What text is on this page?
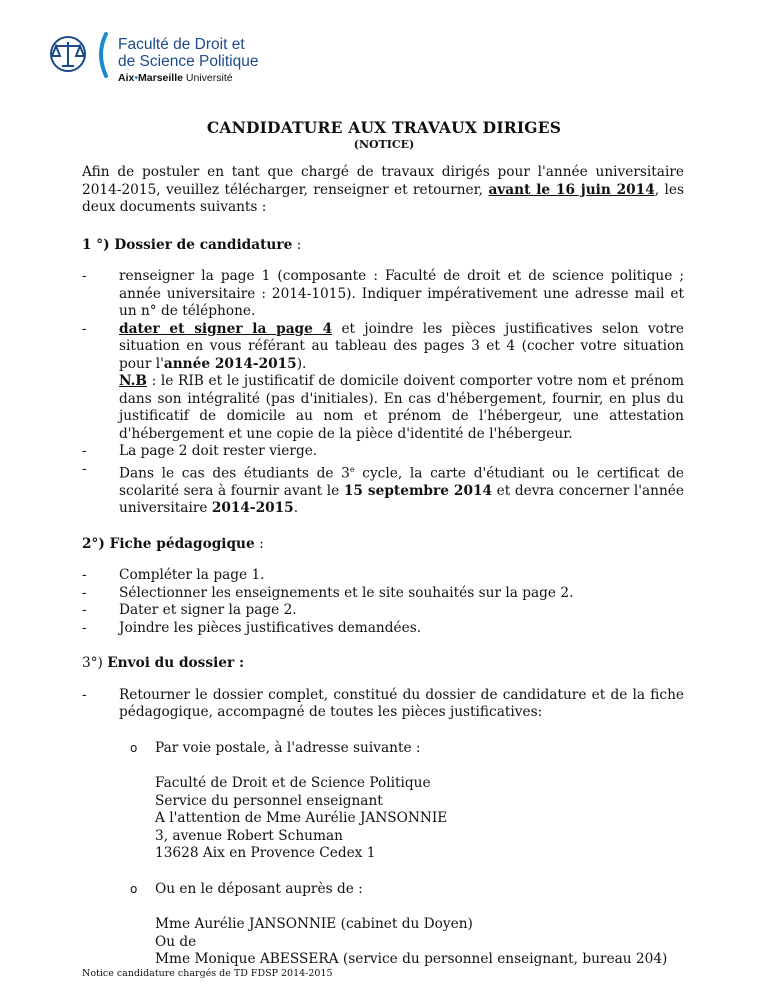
Faculté de Droit et
de Science Politique
Aix•Marseille Université
CANDIDATURE AUX TRAVAUX DIRIGES
(NOTICE)

Afin de postuler en tant que chargé de travaux dirigés pour l'année universitaire 2014-2015, veuillez télécharger, renseigner et retourner, avant le 16 juin 2014, les deux documents suivants :

1 °) Dossier de candidature :
- renseigner la page 1 (composante : Faculté de droit et de science politique ; année universitaire : 2014-1015). Indiquer impérativement une adresse mail et un n° de téléphone.
- dater et signer la page 4 et joindre les pièces justificatives selon votre situation en vous référant au tableau des pages 3 et 4 (cocher votre situation pour l'année 2014-2015).
N.B : le RIB et le justificatif de domicile doivent comporter votre nom et prénom dans son intégralité (pas d'initiales). En cas d'hébergement, fournir, en plus du justificatif de domicile au nom et prénom de l'hébergeur, une attestation d'hébergement et une copie de la pièce d'identité de l'hébergeur.
- La page 2 doit rester vierge.
- Dans le cas des étudiants de 3e cycle, la carte d'étudiant ou le certificat de scolarité sera à fournir avant le 15 septembre 2014 et devra concerner l'année universitaire 2014-2015.
2°) Fiche pédagogique :
- Compléter la page 1.
- Sélectionner les enseignements et le site souhaités sur la page 2.
- Dater et signer la page 2.
- Joindre les pièces justificatives demandées.
3°) Envoi du dossier :
- Retourner le dossier complet, constitué du dossier de candidature et de la fiche pédagogique, accompagné de toutes les pièces justificatives:
o Par voie postale, à l'adresse suivante :
Faculté de Droit et de Science Politique
Service du personnel enseignant
A l'attention de Mme Aurélie JANSONNIE
3, avenue Robert Schuman
13628 Aix en Provence Cedex 1
o Ou en le déposant auprès de :
Mme Aurélie JANSONNIE (cabinet du Doyen)
Ou de
Mme Monique ABESSERA (service du personnel enseignant, bureau 204)
Notice candidature chargés de TD FDSP 2014-2015
